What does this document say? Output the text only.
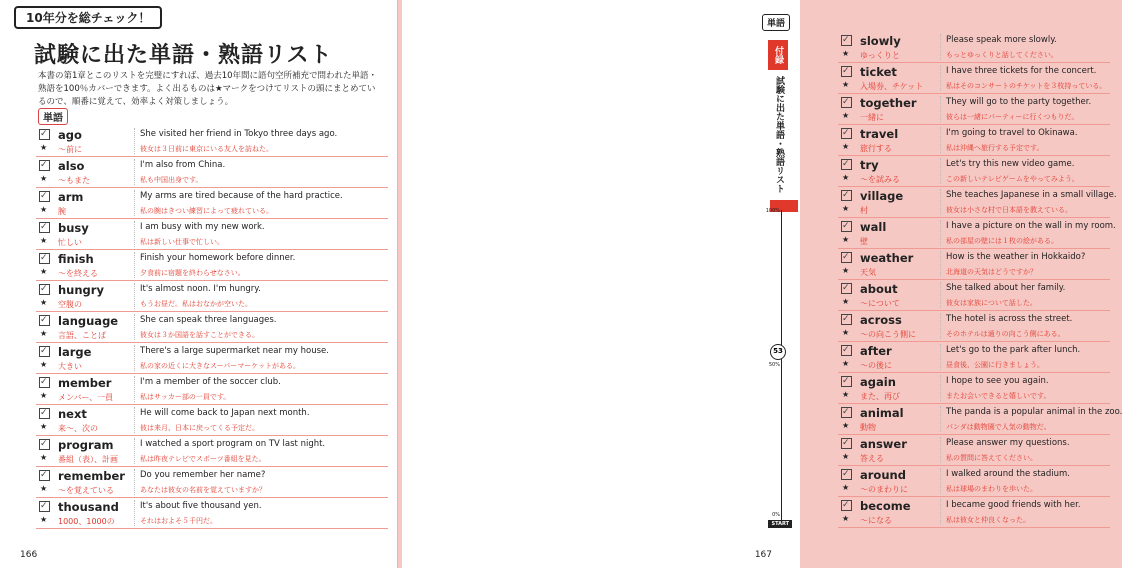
10年分を総チェック！
試験に出た単語・熟語リスト
本書の第1章とこのリストを完璧にすれば、過去10年間に語句空所補充で問われた単語・熟語を100％カバーできます。よく出るものは★マークをつけてリストの頭にまとめているので、順番に覚えて、効率よく対策しましょう。
単語
✓
★
ago
～前に
She visited her friend in Tokyo three days ago.
彼女は３日前に東京にいる友人を訪ねた。
✓
★
also
～もまた
I'm also from China.
私も中国出身です。
✓
★
arm
腕
My arms are tired because of the hard practice.
私の腕はきつい練習によって疲れている。
✓
★
busy
忙しい
I am busy with my new work.
私は新しい仕事で忙しい。
✓
★
finish
～を終える
Finish your homework before dinner.
夕食前に宿題を終わらせなさい。
✓
★
hungry
空腹の
It's almost noon. I'm hungry.
もうお昼だ。私はおなかが空いた。
✓
★
language
言語、ことば
She can speak three languages.
彼女は３か国語を話すことができる。
✓
★
large
大きい
There's a large supermarket near my house.
私の家の近くに大きなスーパーマーケットがある。
✓
★
member
メンバー、一員
I'm a member of the soccer club.
私はサッカー部の一員です。
✓
★
next
来～、次の
He will come back to Japan next month.
彼は来月、日本に戻ってくる予定だ。
✓
★
program
番組（表）、計画
I watched a sport program on TV last night.
私は昨夜テレビでスポーツ番組を見た。
✓
★
remember
～を覚えている
Do you remember her name?
あなたは彼女の名前を覚えていますか？
✓
★
thousand
1000、1000の
It's about five thousand yen.
それはおよそ５千円だ。
166
✓
★
slowly
ゆっくりと
Please speak more slowly.
もっとゆっくりと話してください。
✓
★
ticket
入場券、チケット
I have three tickets for the concert.
私はそのコンサートのチケットを３枚持っている。
✓
★
together
一緒に
They will go to the party together.
彼らは一緒にパーティーに行くつもりだ。
✓
★
travel
旅行する
I'm going to travel to Okinawa.
私は沖縄へ旅行する予定です。
✓
★
try
～を試みる
Let's try this new video game.
この新しいテレビゲームをやってみよう。
✓
★
village
村
She teaches Japanese in a small village.
彼女は小さな村で日本語を教えている。
✓
★
wall
壁
I have a picture on the wall in my room.
私の部屋の壁には１枚の絵がある。
✓
★
weather
天気
How is the weather in Hokkaido?
北海道の天気はどうですか？
✓
★
about
～について
She talked about her family.
彼女は家族について話した。
✓
★
across
～の向こう側に
The hotel is across the street.
そのホテルは通りの向こう側にある。
✓
★
after
～の後に
Let's go to the park after lunch.
昼食後、公園に行きましょう。
✓
★
again
また、再び
I hope to see you again.
またお会いできると嬉しいです。
✓
★
animal
動物
The panda is a popular animal in the zoo.
パンダは動物園で人気の動物だ。
✓
★
answer
答える
Please answer my questions.
私の質問に答えてください。
✓
★
around
～のまわりに
I walked around the stadium.
私は球場のまわりを歩いた。
✓
★
become
～になる
I became good friends with her.
私は彼女と仲良くなった。
167
単語
付録
試験に出た単語・熟語リスト
100%
50%
0%
53
START
